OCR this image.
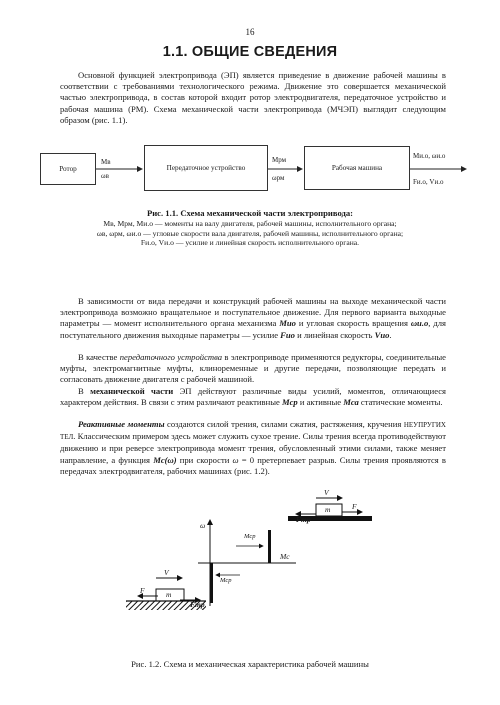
16
1.1. ОБЩИЕ СВЕДЕНИЯ

Основной функцией электропривода (ЭП) является приведение в движение рабочей машины в соответствии с требованиями технологического режима. Движение это совершается механической частью электропривода, в состав которой входит ротор электродвигателя, передаточное устройство и рабочая машина (РМ). Схема механической части электропривода (МЧЭП) выглядит следующим образом (рис. 1.1).

Ротор	Передаточное устройство	Рабочая машина
Mв
ωв
Mрм
ωрм
Mи.о, ωи.о
Fи.о, Vи.о
Рис. 1.1. Схема механической части электропривода:
Mв, Mрм, Mи.о — моменты на валу двигателя, рабочей машины, исполнительного органа;
ωв, ωрм, ωи.о — угловые скорости вала двигателя, рабочей машины, исполнительного органа;
Fи.о, Vи.о — усилие и линейная скорость исполнительного органа.

В зависимости от вида передачи и конструкций рабочей машины на выходе механической части электропривода возможно вращательное и поступательное движение. Для первого варианта выходные параметры — момент исполнительного органа механизма Mио и угловая скорость вращения ωи.о, для поступательного движения выходные параметры — усилие Fио и линейная скорость Vио.

В качестве передаточного устройства в электроприводе применяются редукторы, соединительные муфты, электромагнитные муфты, клиноременные и другие передачи, позволяющие передать и согласовать движение двигателя с рабочей машиной.

В механической части ЭП действуют различные виды усилий, моментов, отличающиеся характером действия. В связи с этим различают реактивные Mср и активные Mса статические моменты.

Реактивные моменты создаются силой трения, силами сжатия, растяжения, кручения НЕУПРУГИХ ТЕЛ. Классическим примером здесь может служить сухое трение. Силы трения всегда противодействуют движению и при реверсе электропривода момент трения, обусловленный этими силами, также меняет направление, а функция Mс(ω) при скорости ω = 0 претерпевает разрыв. Силы трения проявляются в передачах электродвигателя, рабочих машинах (рис. 1.2).

V
Fтр
F
m
ω
Mср
Mс
Mср
V
F	m
Fтр
Рис. 1.2. Схема и механическая характеристика рабочей машины
